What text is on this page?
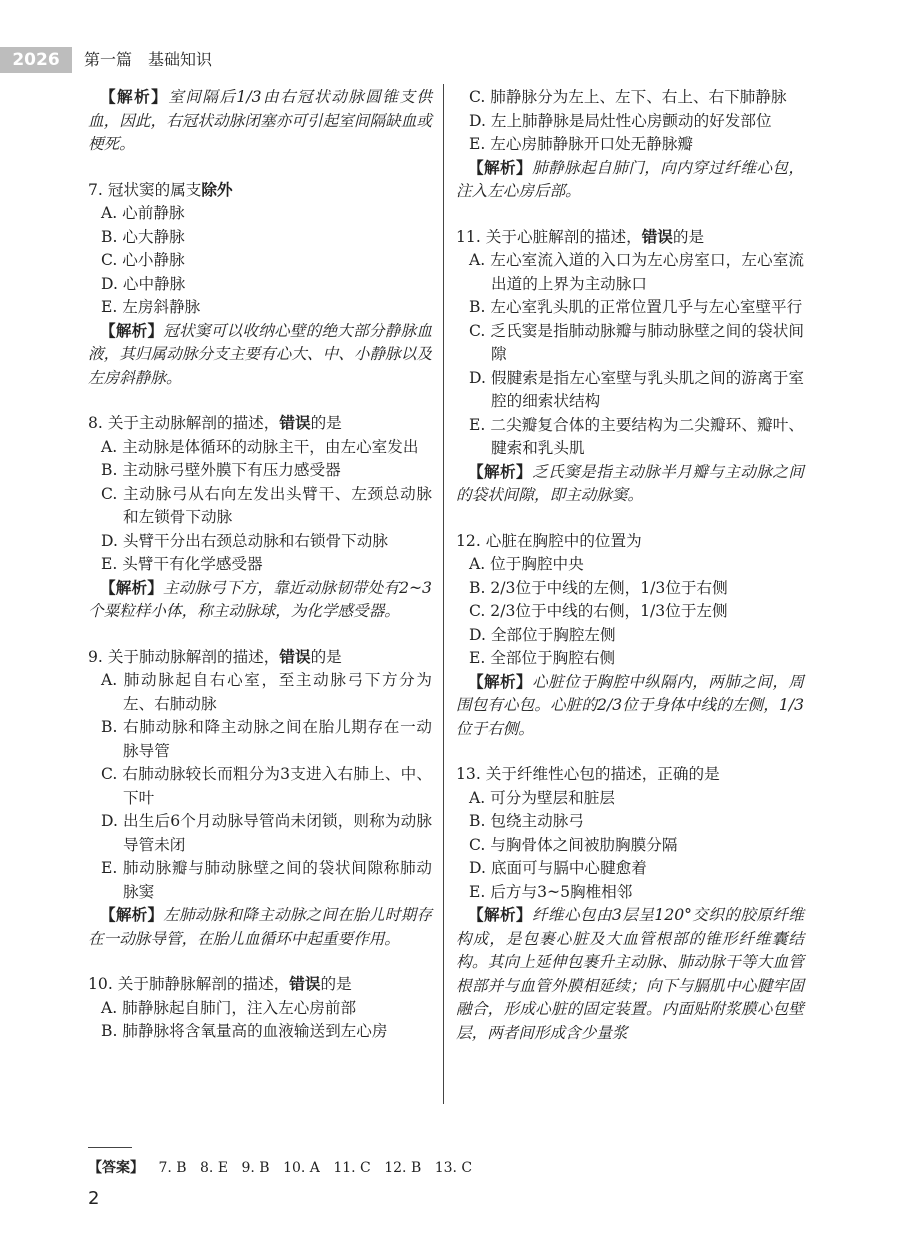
2026	第一篇　基础知识

【解析】室间隔后1/3由右冠状动脉圆锥支供血，因此，右冠状动脉闭塞亦可引起室间隔缺血或梗死。

7. 冠状窦的属支除外

A. 心前静脉

B. 心大静脉

C. 心小静脉

D. 心中静脉

E. 左房斜静脉

【解析】冠状窦可以收纳心壁的绝大部分静脉血液，其归属动脉分支主要有心大、中、小静脉以及左房斜静脉。

8. 关于主动脉解剖的描述，错误的是

A. 主动脉是体循环的动脉主干，由左心室发出

B. 主动脉弓壁外膜下有压力感受器

C. 主动脉弓从右向左发出头臂干、左颈总动脉和左锁骨下动脉

D. 头臂干分出右颈总动脉和右锁骨下动脉

E. 头臂干有化学感受器

【解析】主动脉弓下方，靠近动脉韧带处有2~3个粟粒样小体，称主动脉球，为化学感受器。

9. 关于肺动脉解剖的描述，错误的是

A. 肺动脉起自右心室，至主动脉弓下方分为左、右肺动脉

B. 右肺动脉和降主动脉之间在胎儿期存在一动脉导管

C. 右肺动脉较长而粗分为3支进入右肺上、中、下叶

D. 出生后6个月动脉导管尚未闭锁，则称为动脉导管未闭

E. 肺动脉瓣与肺动脉壁之间的袋状间隙称肺动脉窦

【解析】左肺动脉和降主动脉之间在胎儿时期存在一动脉导管，在胎儿血循环中起重要作用。

10. 关于肺静脉解剖的描述，错误的是

A. 肺静脉起自肺门，注入左心房前部

B. 肺静脉将含氧量高的血液输送到左心房

C. 肺静脉分为左上、左下、右上、右下肺静脉

D. 左上肺静脉是局灶性心房颤动的好发部位

E. 左心房肺静脉开口处无静脉瓣

【解析】肺静脉起自肺门，向内穿过纤维心包，注入左心房后部。

11. 关于心脏解剖的描述，错误的是

A. 左心室流入道的入口为左心房室口，左心室流出道的上界为主动脉口

B. 左心室乳头肌的正常位置几乎与左心室壁平行

C. 乏氏窦是指肺动脉瓣与肺动脉壁之间的袋状间隙

D. 假腱索是指左心室壁与乳头肌之间的游离于室腔的细索状结构

E. 二尖瓣复合体的主要结构为二尖瓣环、瓣叶、腱索和乳头肌

【解析】乏氏窦是指主动脉半月瓣与主动脉之间的袋状间隙，即主动脉窦。

12. 心脏在胸腔中的位置为

A. 位于胸腔中央

B. 2/3位于中线的左侧，1/3位于右侧

C. 2/3位于中线的右侧，1/3位于左侧

D. 全部位于胸腔左侧

E. 全部位于胸腔右侧

【解析】心脏位于胸腔中纵隔内，两肺之间，周围包有心包。心脏的2/3位于身体中线的左侧，1/3位于右侧。

13. 关于纤维性心包的描述，正确的是

A. 可分为壁层和脏层

B. 包绕主动脉弓

C. 与胸骨体之间被肋胸膜分隔

D. 底面可与膈中心腱愈着

E. 后方与3~5胸椎相邻

【解析】纤维心包由3层呈120°交织的胶原纤维构成，是包裹心脏及大血管根部的锥形纤维囊结构。其向上延伸包裹升主动脉、肺动脉干等大血管根部并与血管外膜相延续；向下与膈肌中心腱牢固融合，形成心脏的固定装置。内面贴附浆膜心包壁层，两者间形成含少量浆

【答案】 7. B 8. E 9. B 10. A 11. C 12. B 13. C
2
